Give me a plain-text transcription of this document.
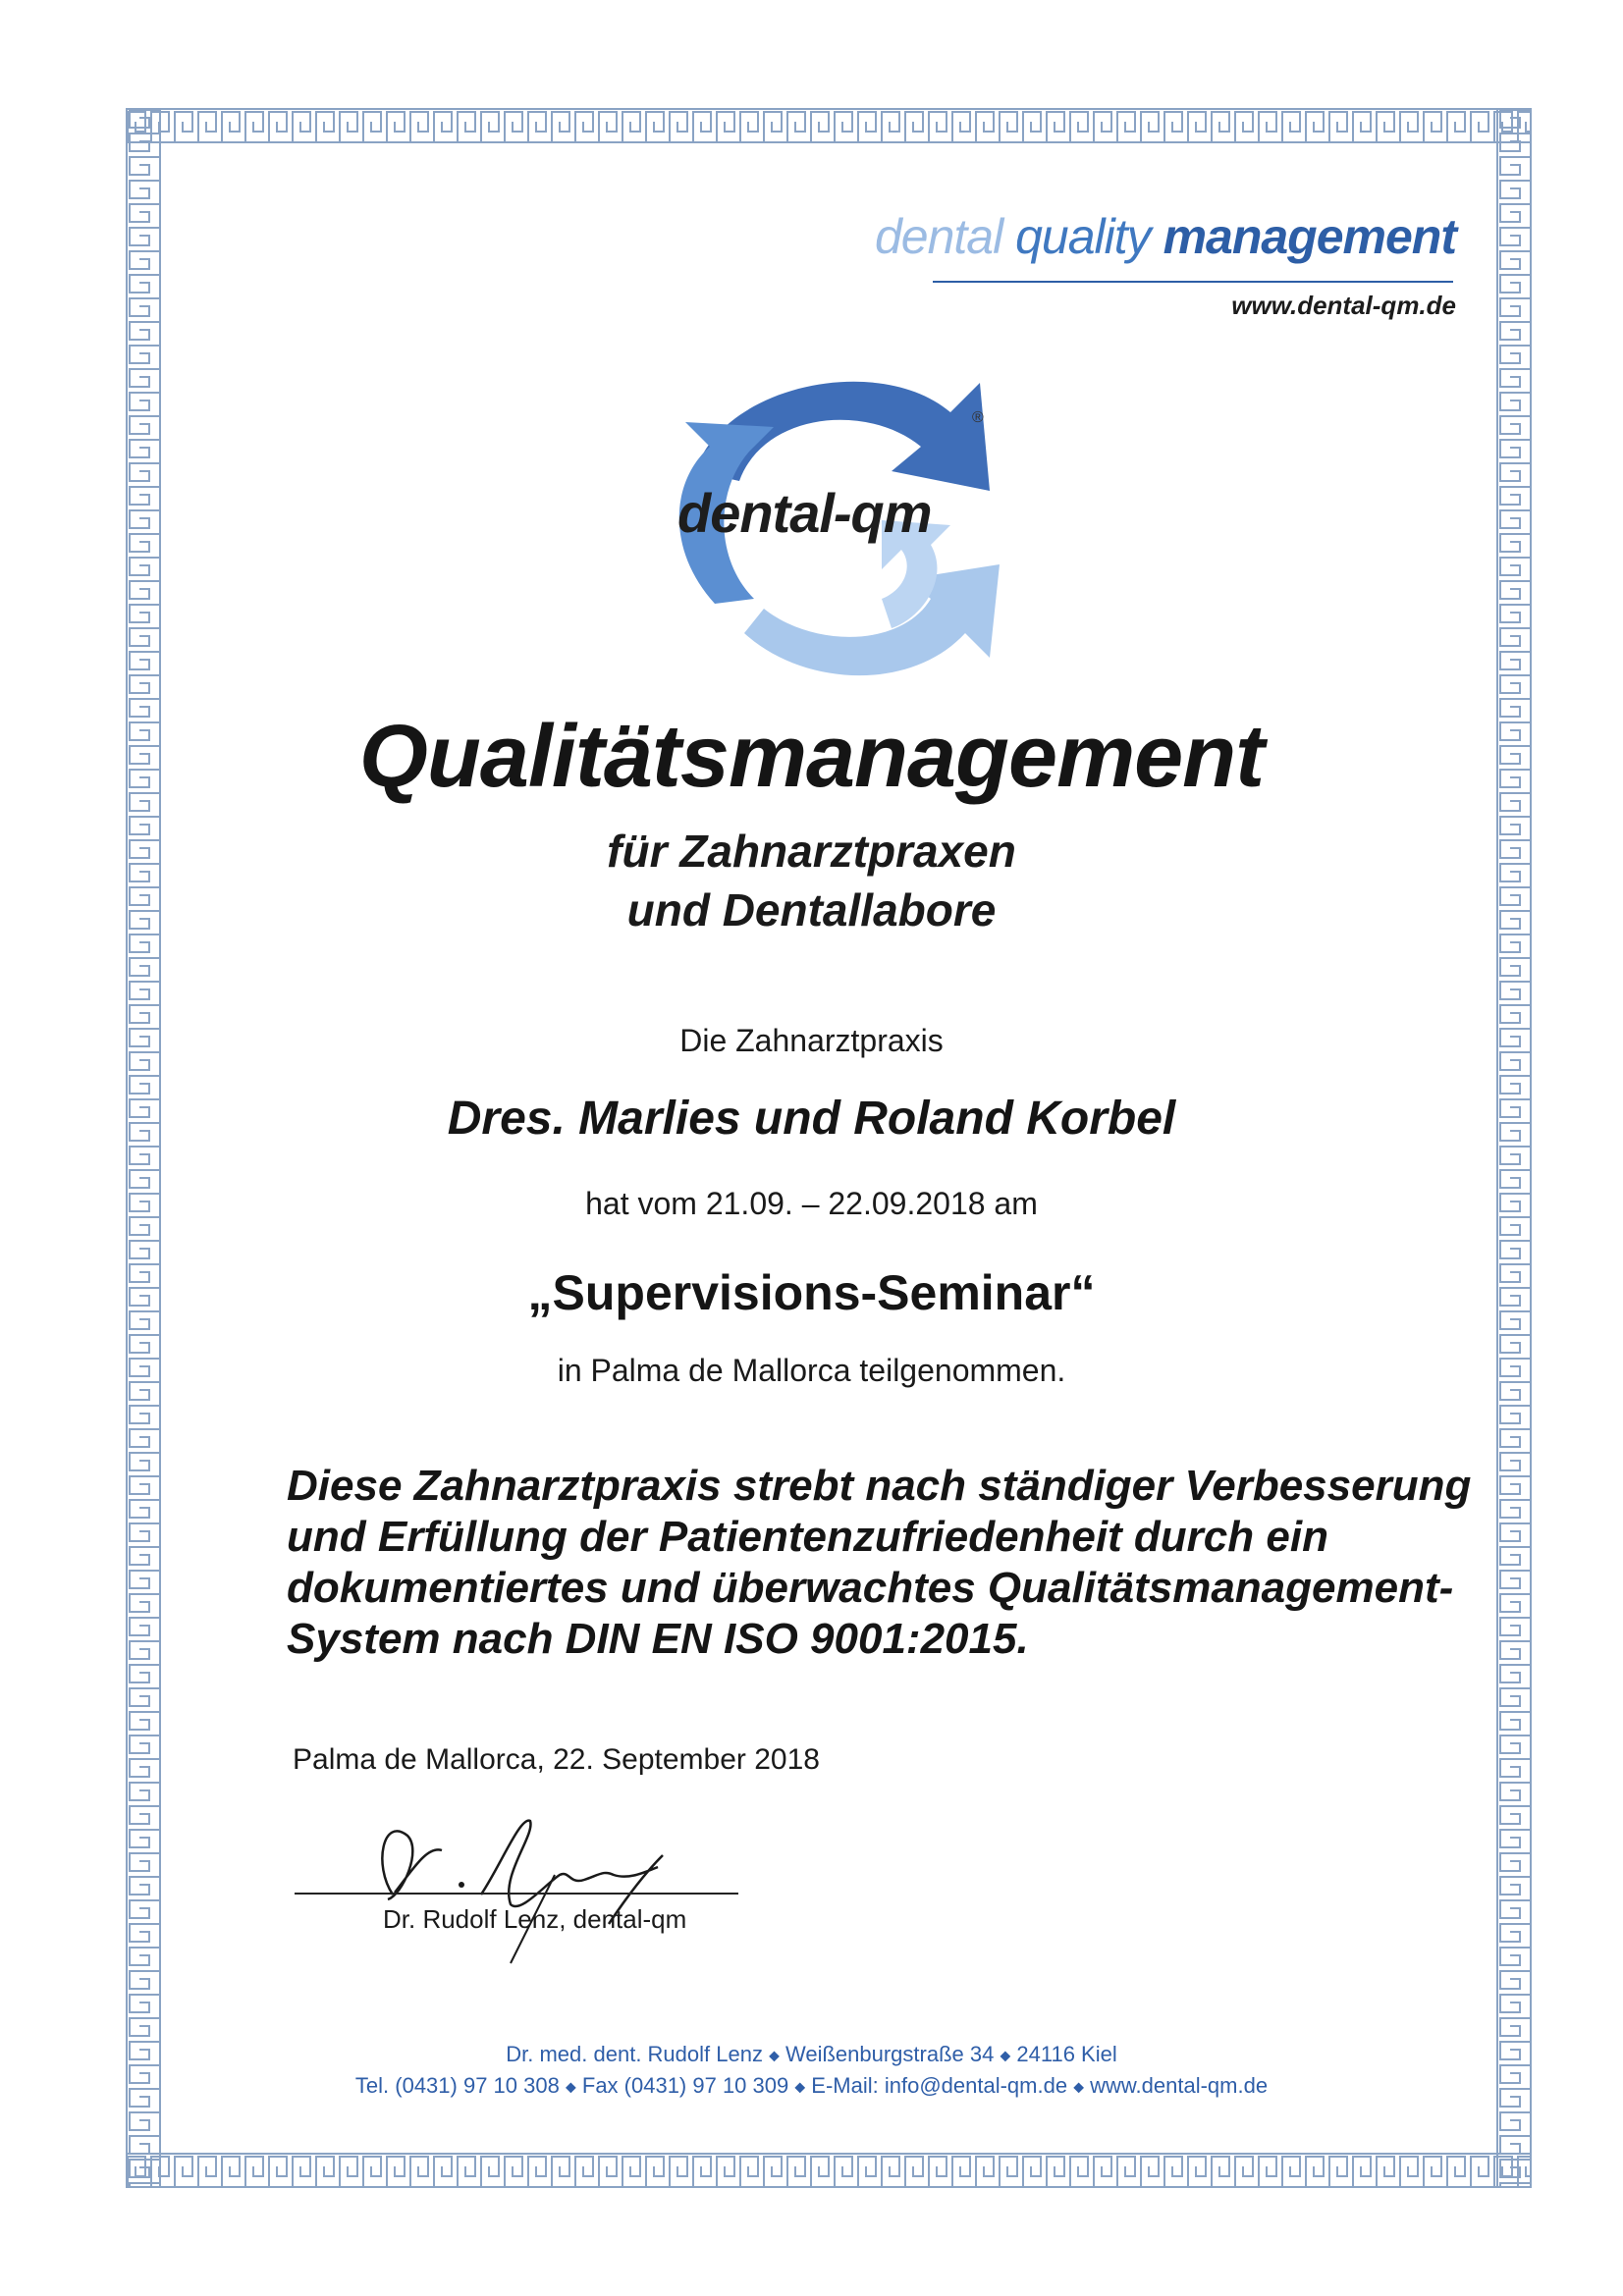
dental quality management
www.dental-qm.de
®
dental-qm
Qualitätsmanagement
für Zahnarztpraxen
und Dentallabore
Die Zahnarztpraxis
Dres. Marlies und Roland Korbel
hat vom 21.09. – 22.09.2018 am
„Supervisions-Seminar“
in Palma de Mallorca teilgenommen.
Diese Zahnarztpraxis strebt nach ständiger Verbesserung
und Erfüllung der Patientenzufriedenheit durch ein
dokumentiertes und überwachtes Qualitätsmanagement-
System nach DIN EN ISO 9001:2015.
Palma de Mallorca, 22. September 2018
Dr. Rudolf Lenz, dental-qm
Dr. med. dent. Rudolf Lenz ◆ Weißenburgstraße 34 ◆ 24116 Kiel
Tel. (0431) 97 10 308 ◆ Fax (0431) 97 10 309 ◆ E-Mail: info@dental-qm.de ◆ www.dental-qm.de
